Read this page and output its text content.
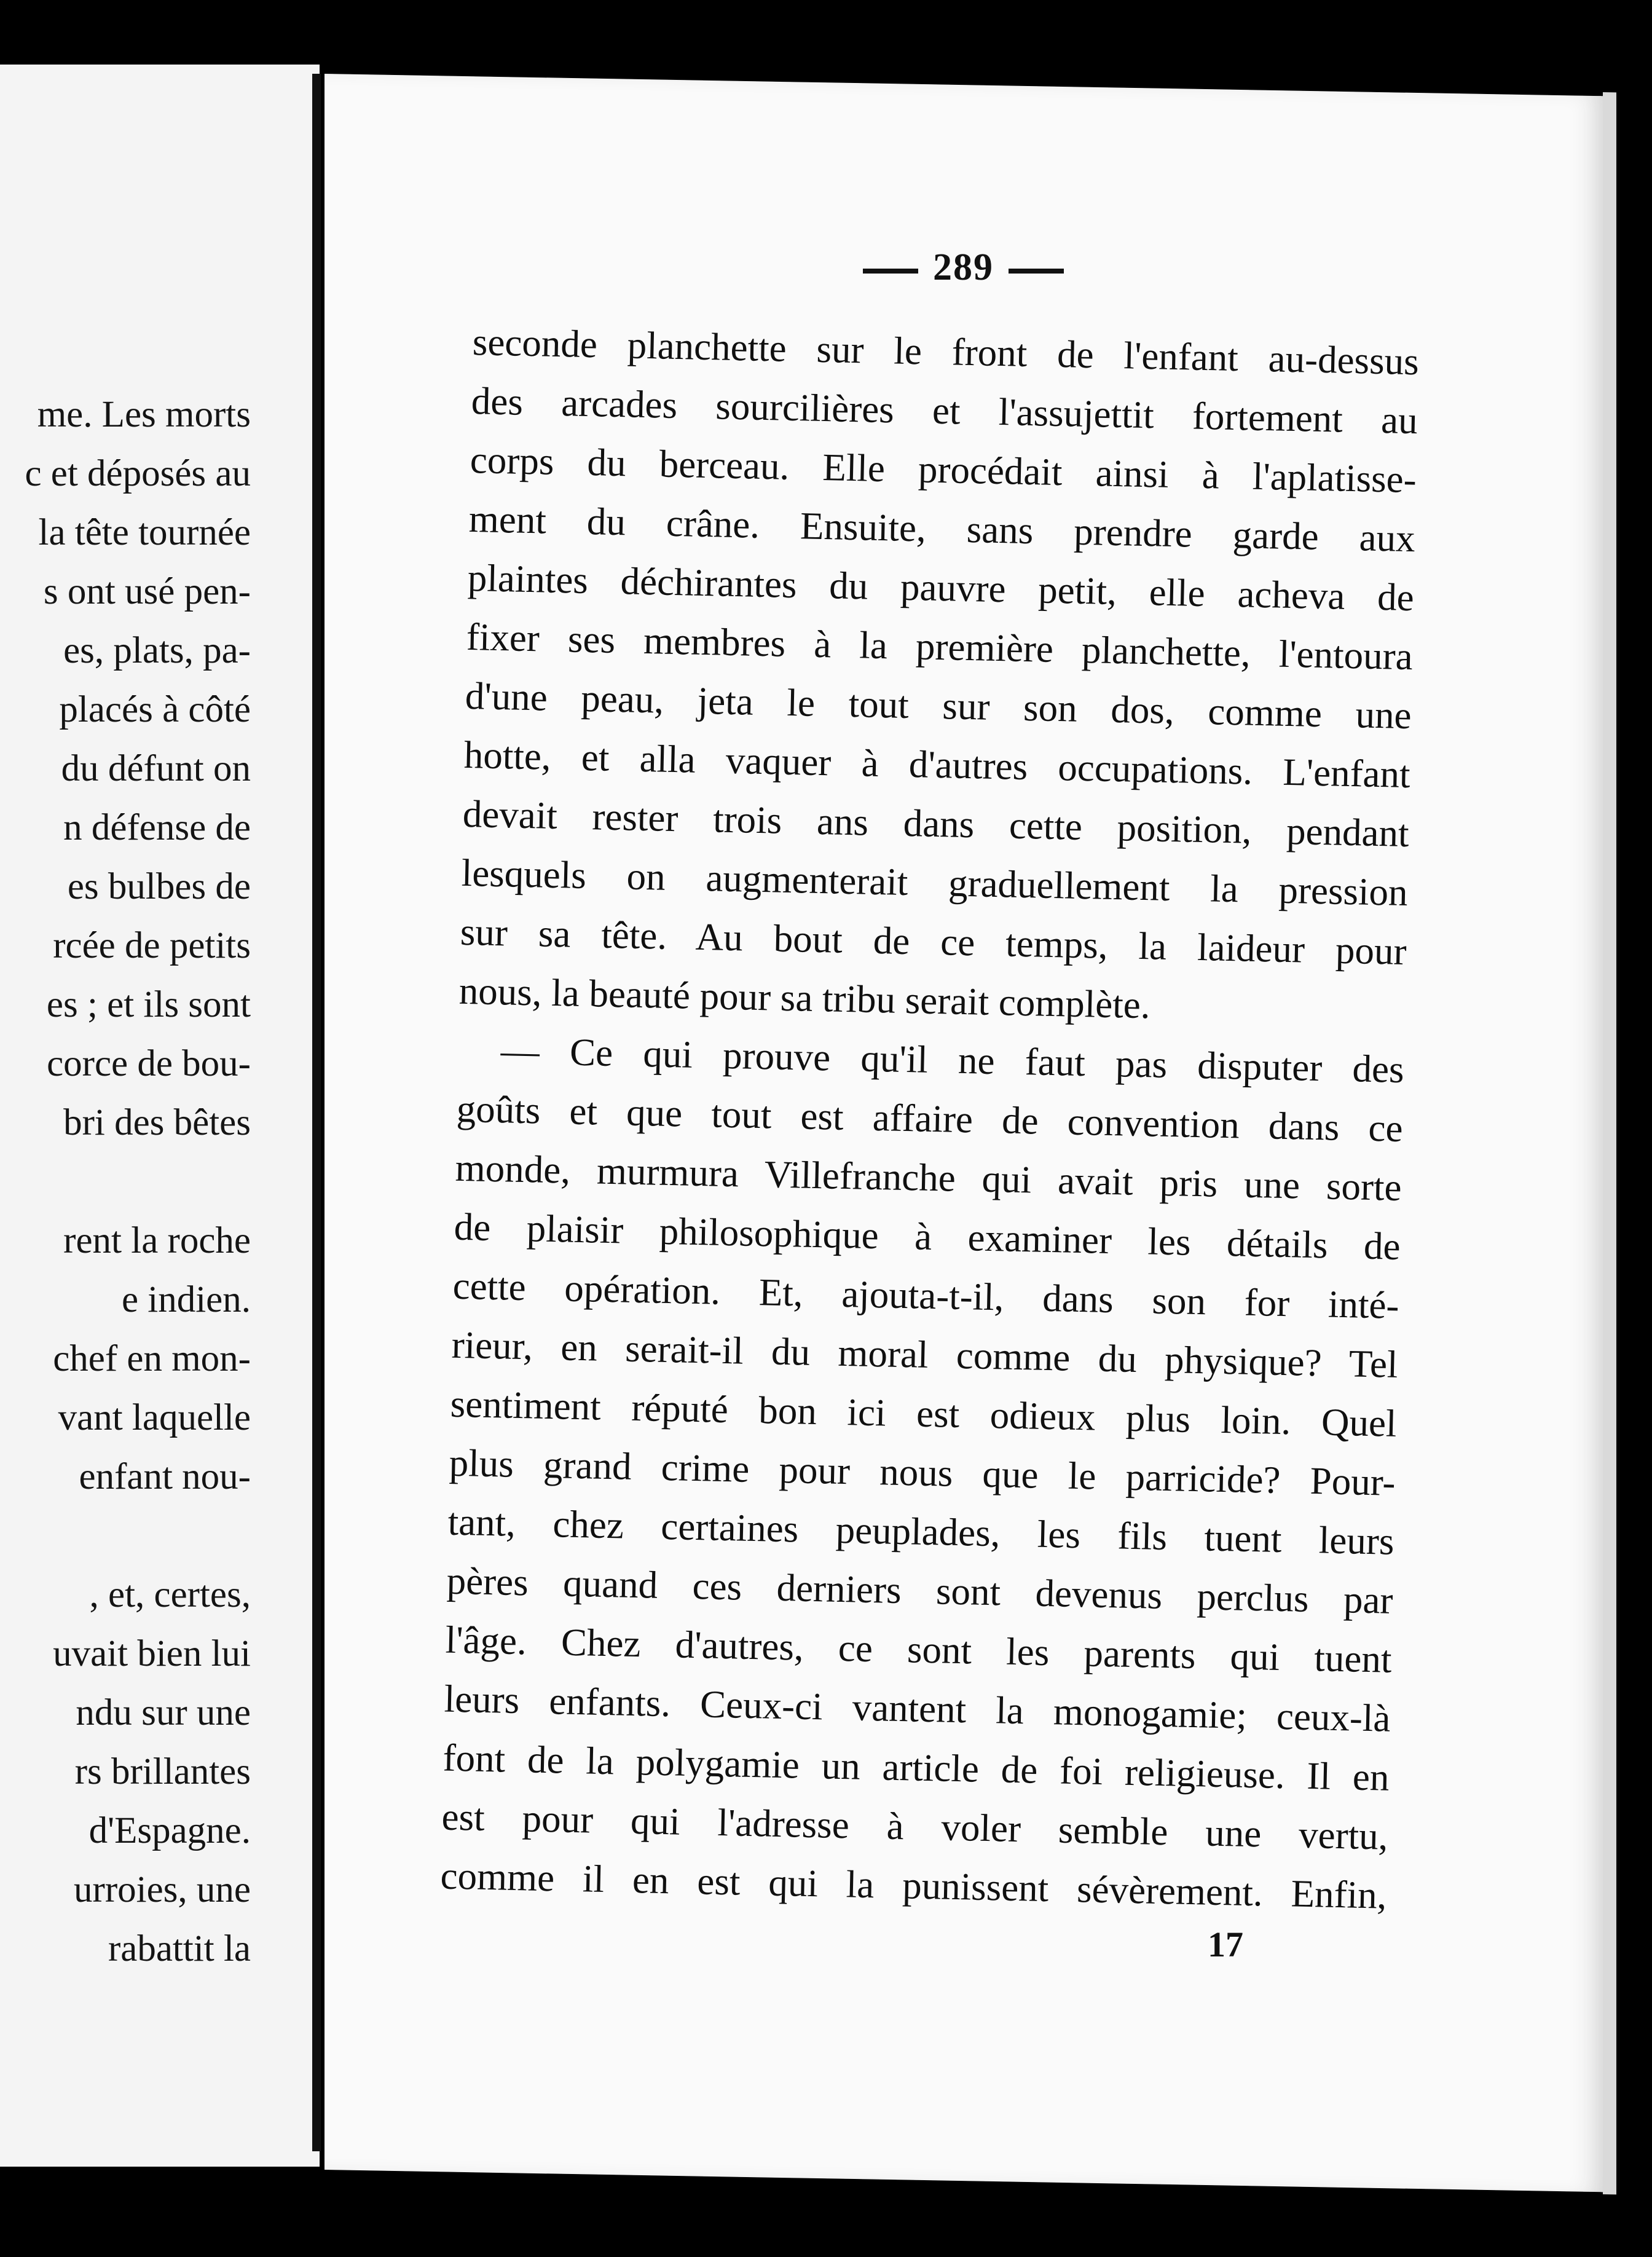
me. Les morts
c et déposés au
la tête tournée
s ont usé pen-
es, plats, pa-
placés à côté
du défunt on
n défense de
es bulbes de
rcée de petits
es ; et ils sont
corce de bou-
bri des bêtes
rent la roche
e indien.
chef en mon-
vant laquelle
enfant nou-
, et, certes,
uvait bien lui
ndu sur une
rs brillantes
d'Espagne.
urroies, une
rabattit la
289
seconde planchette sur le front de l'enfant au-dessus
des arcades sourcilières et l'assujettit fortement au
corps du berceau. Elle procédait ainsi à l'aplatisse-
ment du crâne. Ensuite, sans prendre garde aux
plaintes déchirantes du pauvre petit, elle acheva de
fixer ses membres à la première planchette, l'entoura
d'une peau, jeta le tout sur son dos, comme une
hotte, et alla vaquer à d'autres occupations. L'enfant
devait rester trois ans dans cette position, pendant
lesquels on augmenterait graduellement la pression
sur sa tête. Au bout de ce temps, la laideur pour
nous, la beauté pour sa tribu serait complète.
— Ce qui prouve qu'il ne faut pas disputer des
goûts et que tout est affaire de convention dans ce
monde, murmura Villefranche qui avait pris une sorte
de plaisir philosophique à examiner les détails de
cette opération. Et, ajouta-t-il, dans son for inté-
rieur, en serait-il du moral comme du physique? Tel
sentiment réputé bon ici est odieux plus loin. Quel
plus grand crime pour nous que le parricide? Pour-
tant, chez certaines peuplades, les fils tuent leurs
pères quand ces derniers sont devenus perclus par
l'âge. Chez d'autres, ce sont les parents qui tuent
leurs enfants. Ceux-ci vantent la monogamie; ceux-là
font de la polygamie un article de foi religieuse. Il en
est pour qui l'adresse à voler semble une vertu,
comme il en est qui la punissent sévèrement. Enfin,
17
